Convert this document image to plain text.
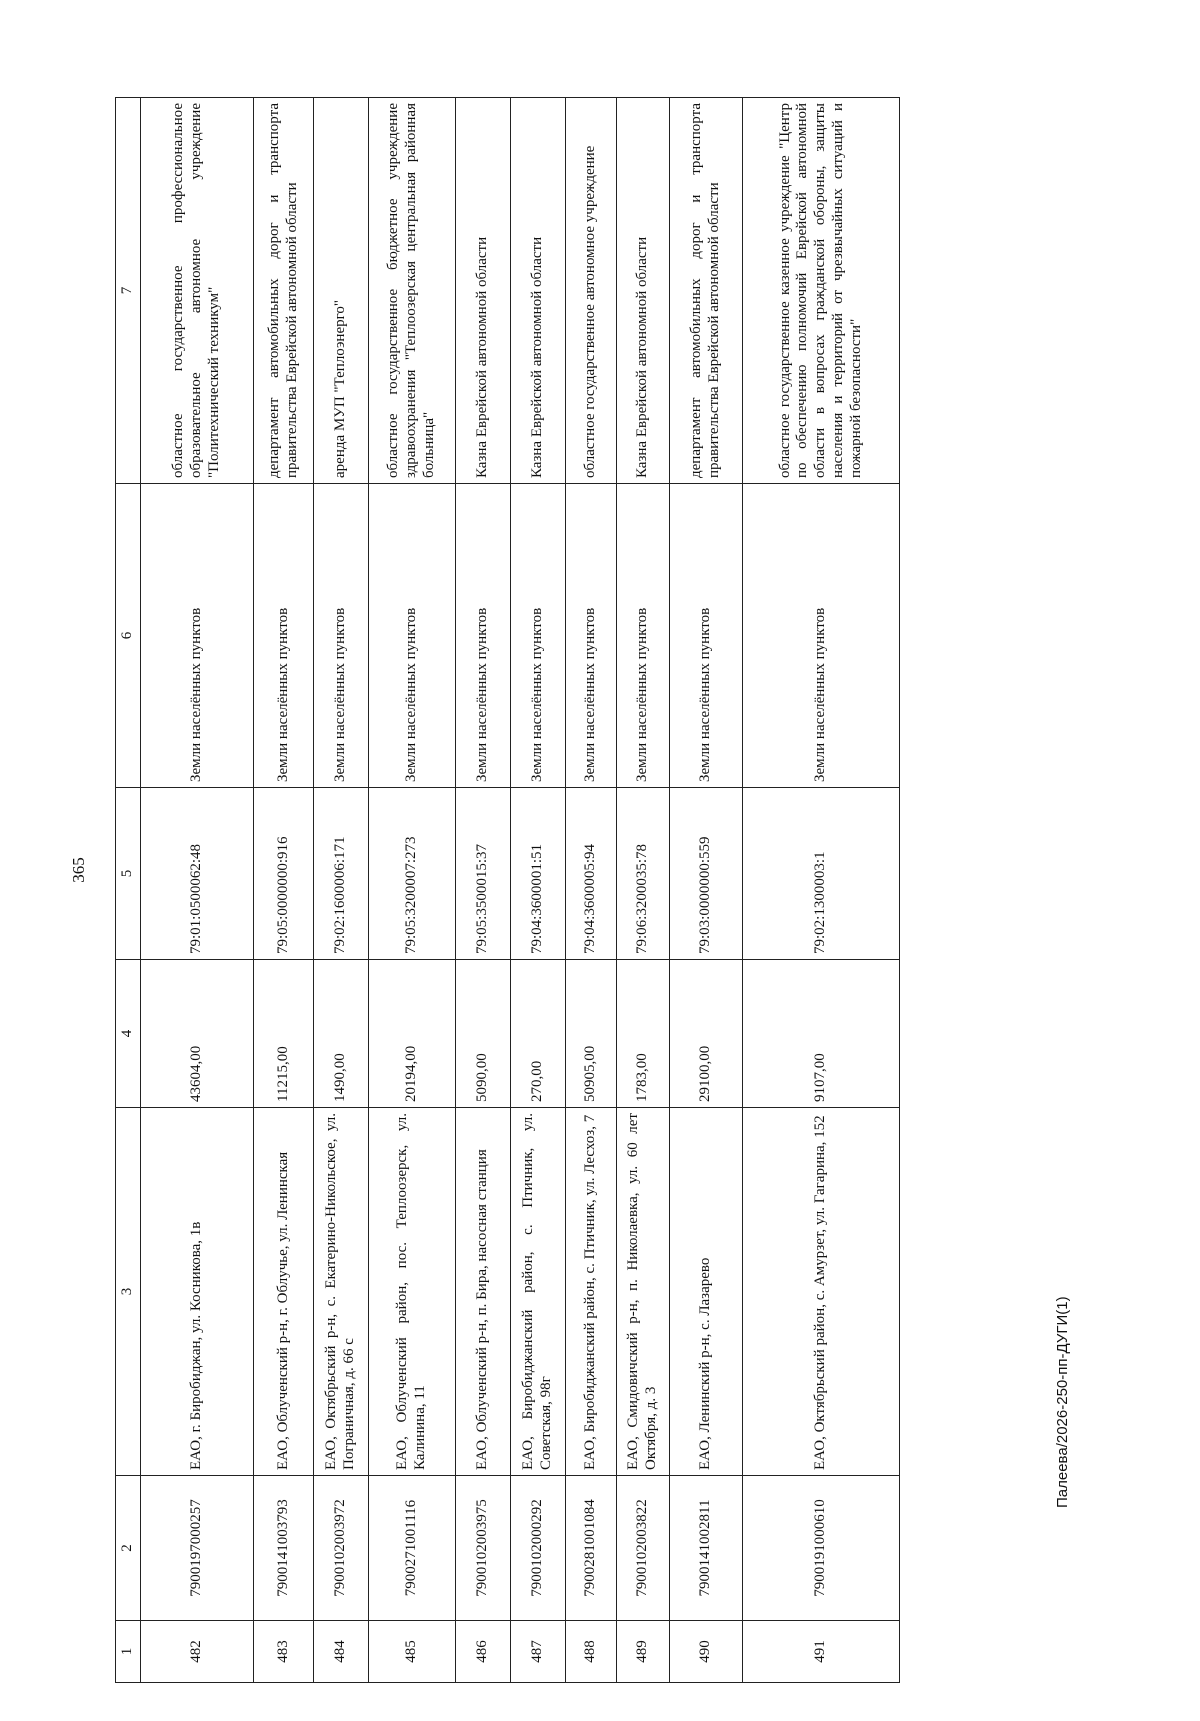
365
1	2	3	4	5	6	7
482	7900197000257	ЕАО, г. Биробиджан, ул. Косникова, 1в	43604,00	79:01:0500062:48	Земли населённых пунктов	областное государственное профессиональное образовательное автономное учреждение "Политехнический техникум"
483	7900141003793	ЕАО, Облученский р-н, г. Облучье, ул. Ленинская	11215,00	79:05:0000000:916	Земли населённых пунктов	департамент автомобильных дорог и транспорта правительства Еврейской автономной области
484	7900102003972	ЕАО, Октябрьский р-н, с. Екатерино-Никольское, ул. Пограничная, д. 66 с	1490,00	79:02:1600006:171	Земли населённых пунктов	аренда МУП "Теплоэнерго"
485	7900271001116	ЕАО, Облученский район, пос. Теплоозерск, ул. Калинина, 11	20194,00	79:05:3200007:273	Земли населённых пунктов	областное государственное бюджетное учреждение здравоохранения "Теплоозерская центральная районная больница"
486	7900102003975	ЕАО, Облученский р-н, п. Бира, насосная станция	5090,00	79:05:3500015:37	Земли населённых пунктов	Казна Еврейской автономной области
487	7900102000292	ЕАО, Биробиджанский район, с. Птичник, ул. Советская, 98г	270,00	79:04:3600001:51	Земли населённых пунктов	Казна Еврейской автономной области
488	7900281001084	ЕАО, Биробиджанский район, с. Птичник, ул. Лесхоз, 7	50905,00	79:04:3600005:94	Земли населённых пунктов	областное государственное автономное учреждение

489	7900102003822	ЕАО, Смидовичский р-н, п. Николаевка, ул. 60 лет Октября, д. 3	1783,00	79:06:3200035:78	Земли населённых пунктов	Казна Еврейской автономной области
490	7900141002811	ЕАО, Ленинский р-н, с. Лазарево	29100,00	79:03:0000000:559	Земли населённых пунктов	департамент автомобильных дорог и транспорта правительства Еврейской автономной области
491	7900191000610	ЕАО, Октябрьский район, с. Амурзет, ул. Гагарина, 152	9107,00	79:02:1300003:1	Земли населённых пунктов	областное государственное казенное учреждение "Центр по обеспечению полномочий Еврейской автономной области в вопросах гражданской обороны, защиты населения и территорий от чрезвычайных ситуаций и пожарной безопасности"
Палеева/2026-250-пп-ДУГИ(1)
